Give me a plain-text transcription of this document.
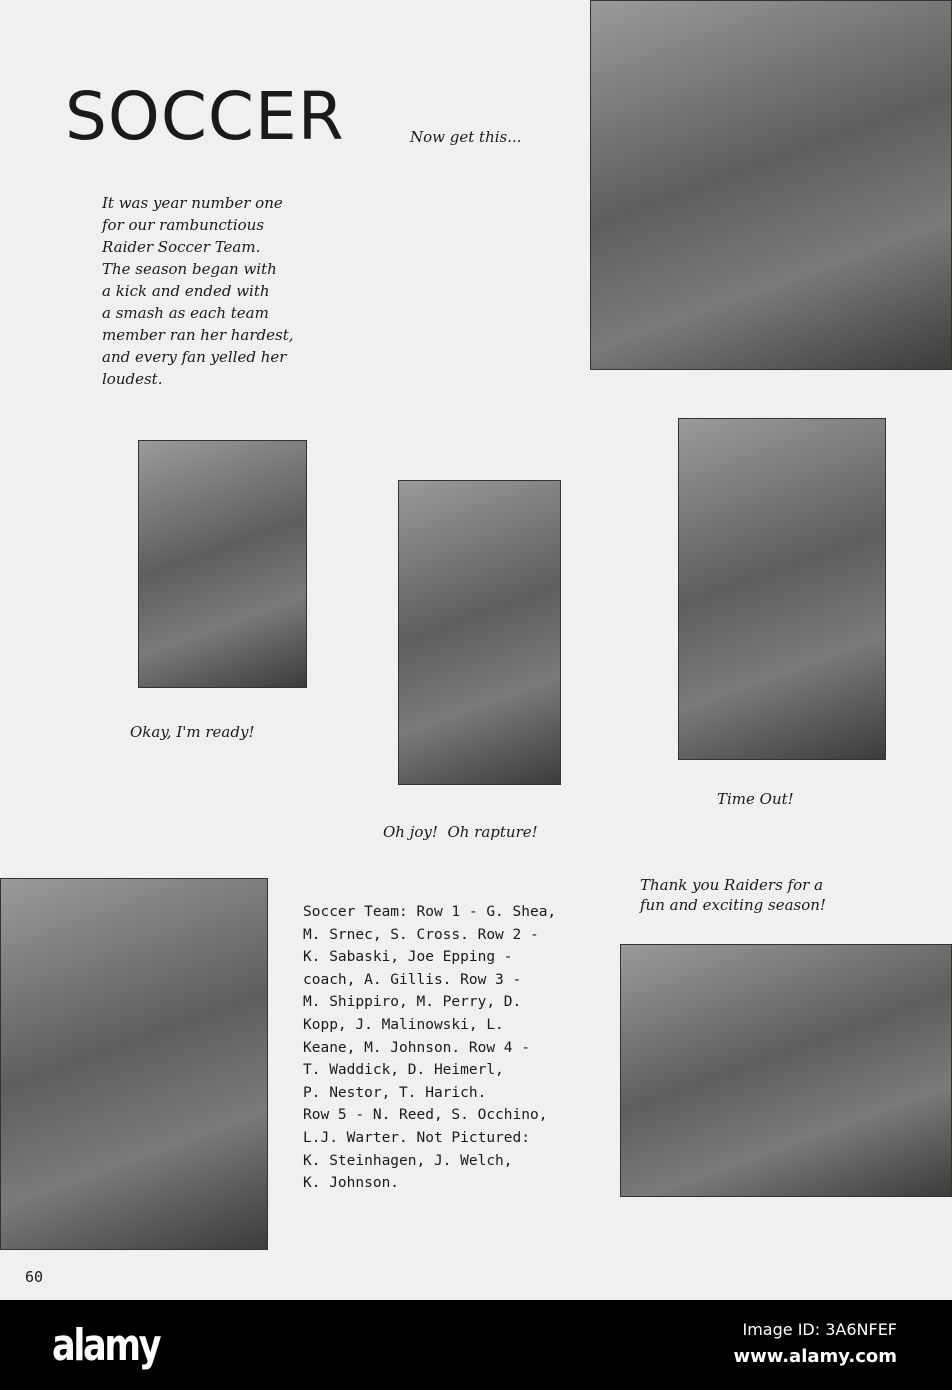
SOCCER	Now get this...
It was year number one
for our rambunctious
Raider Soccer Team.
The season began with
a kick and ended with
a smash as each team
member ran her hardest,
and every fan yelled her
loudest.
Okay, I'm ready!
Time Out!
Oh joy!  Oh rapture!
Thank you Raiders for a
fun and exciting season!
Soccer Team: Row 1 - G. Shea,
M. Srnec, S. Cross. Row 2 -
K. Sabaski, Joe Epping -
coach, A. Gillis. Row 3 -
M. Shippiro, M. Perry, D.
Kopp, J. Malinowski, L.
Keane, M. Johnson. Row 4 -
T. Waddick, D. Heimerl,
P. Nestor, T. Harich.
Row 5 - N. Reed, S. Occhino,
L.J. Warter. Not Pictured:
K. Steinhagen, J. Welch,
K. Johnson.
60
alamy	Image ID: 3A6NFEF
www.alamy.com
